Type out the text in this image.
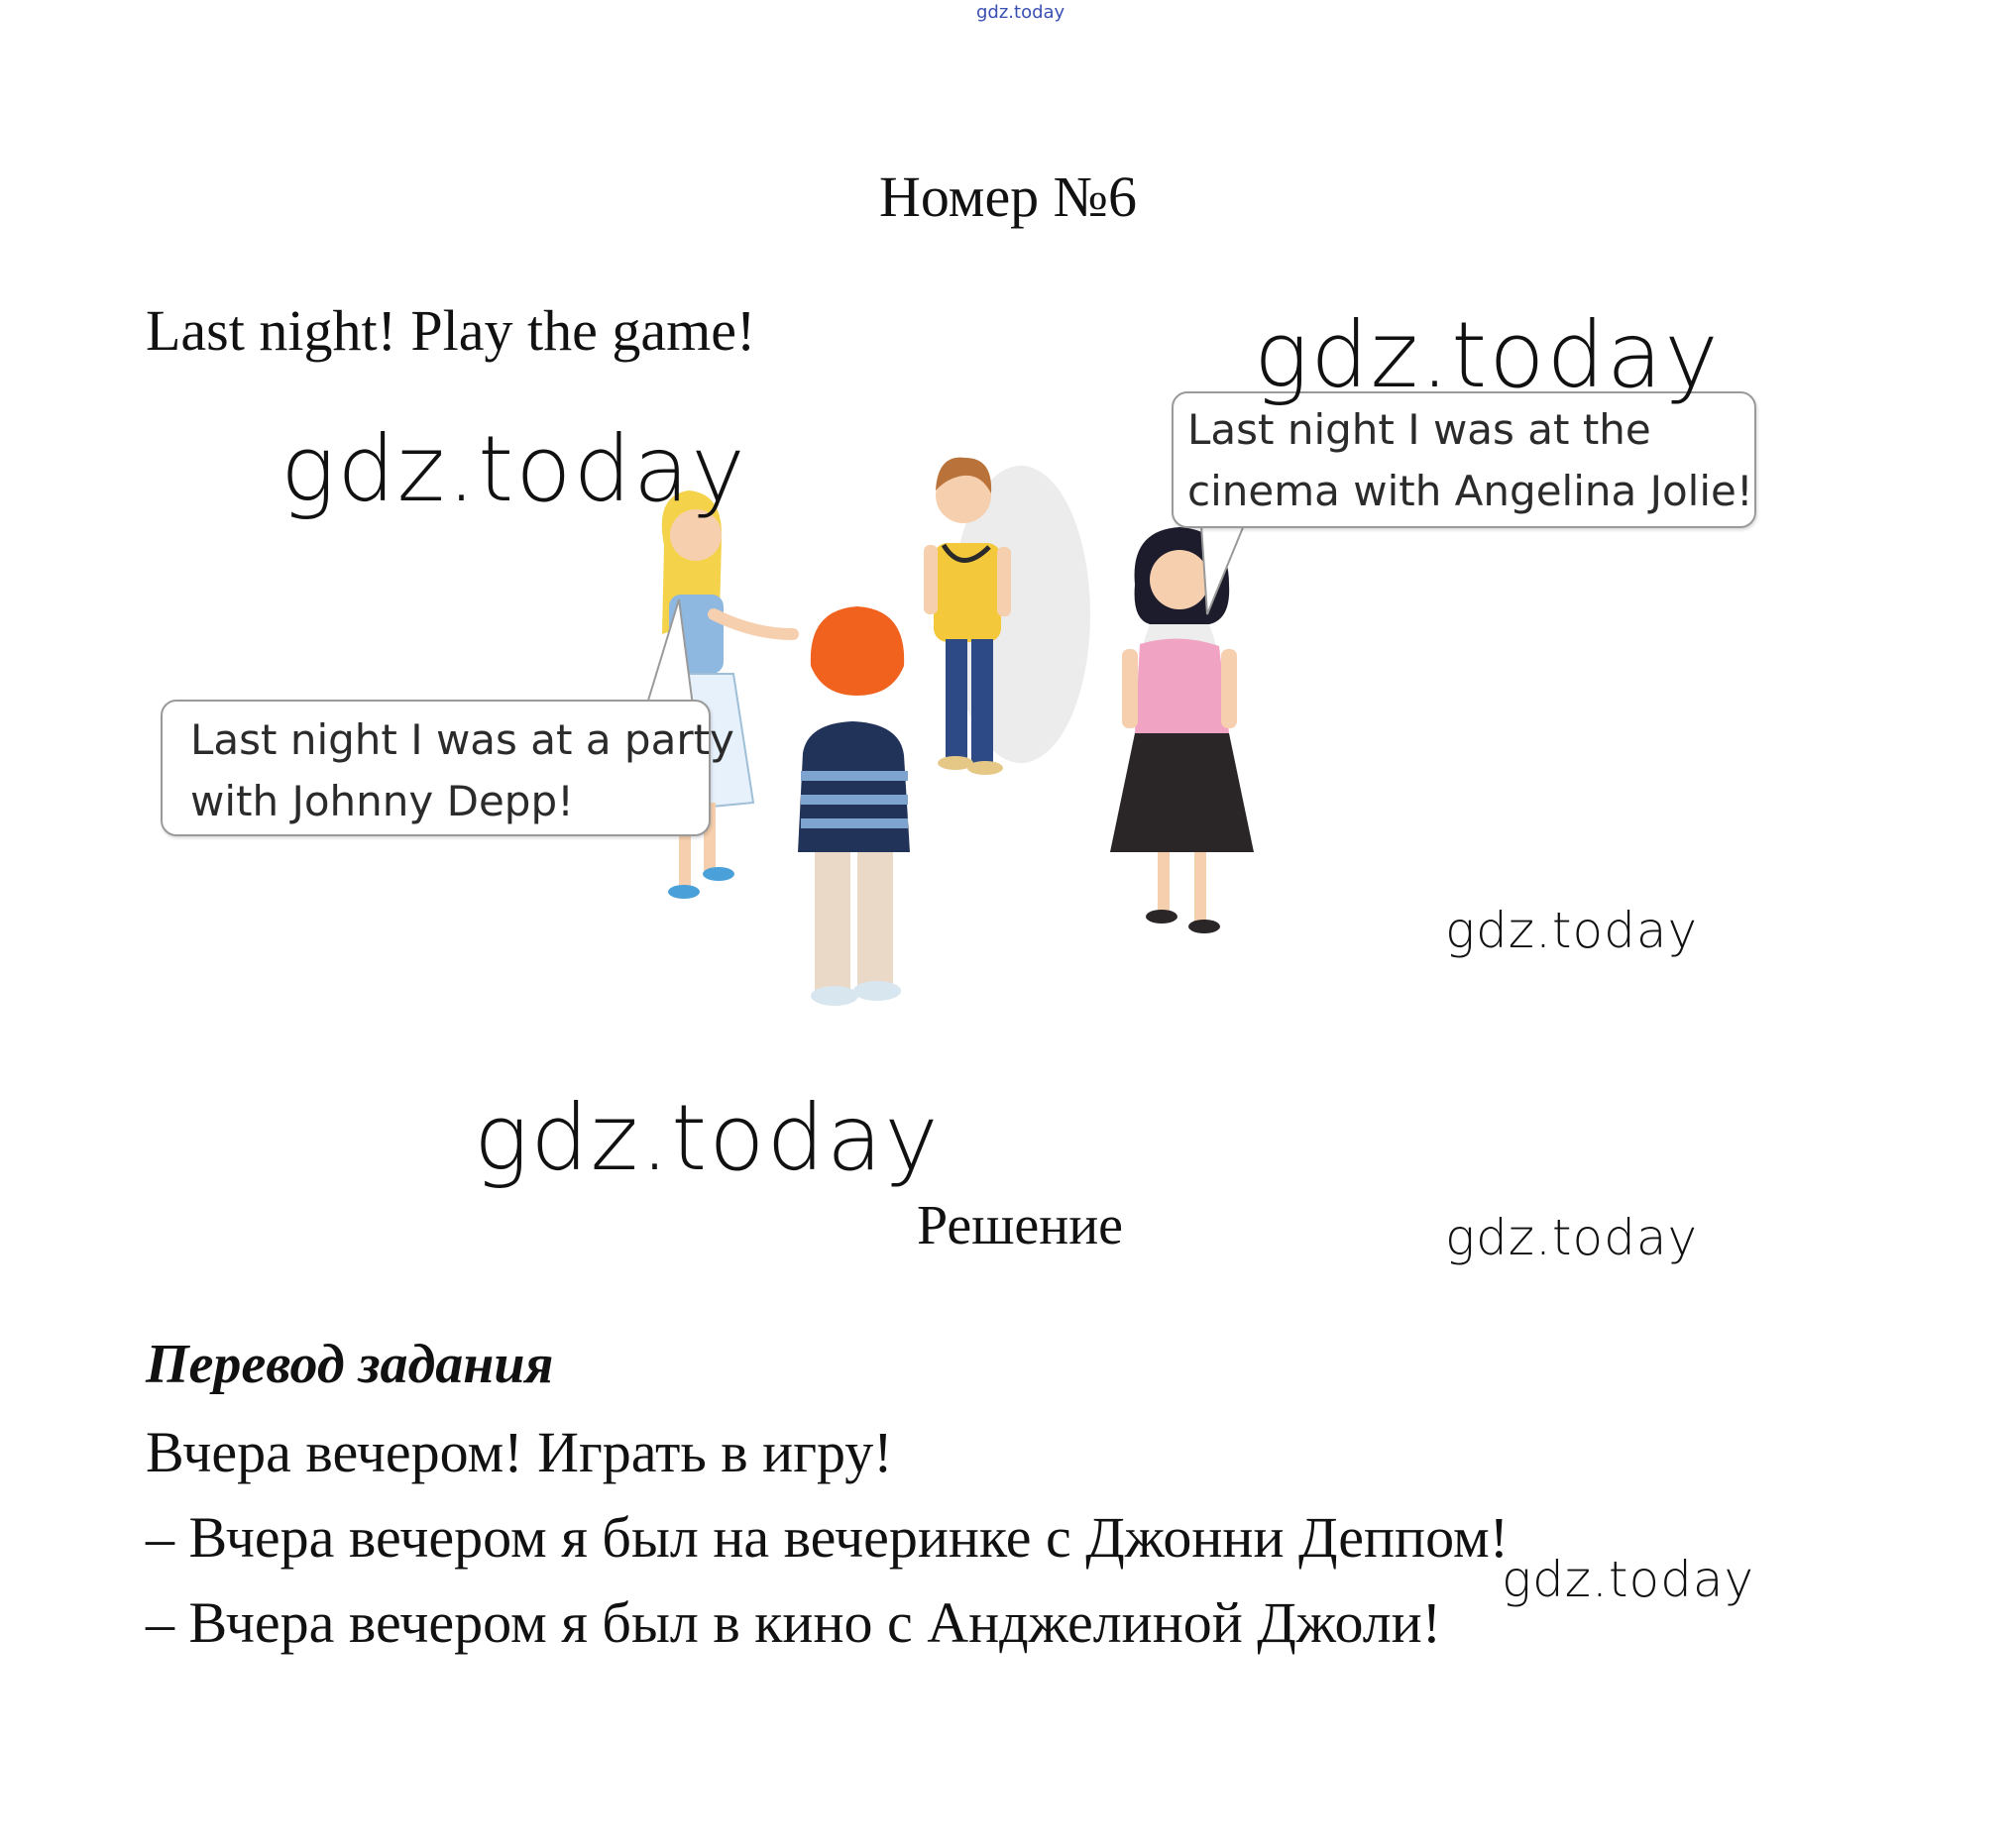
gdz.today
Номер №6
Last night! Play the game!
Last night I was at a party
with Johnny Depp!
Last night I was at the
cinema with Angelina Jolie!
gdz.today
gdz.today
gdz.today
gdz.today
gdz.today
gdz.today
Решение
Перевод задания
Вчера вечером! Играть в игру!
– Вчера вечером я был на вечеринке с Джонни Деппом!
– Вчера вечером я был в кино с Анджелиной Джоли!
